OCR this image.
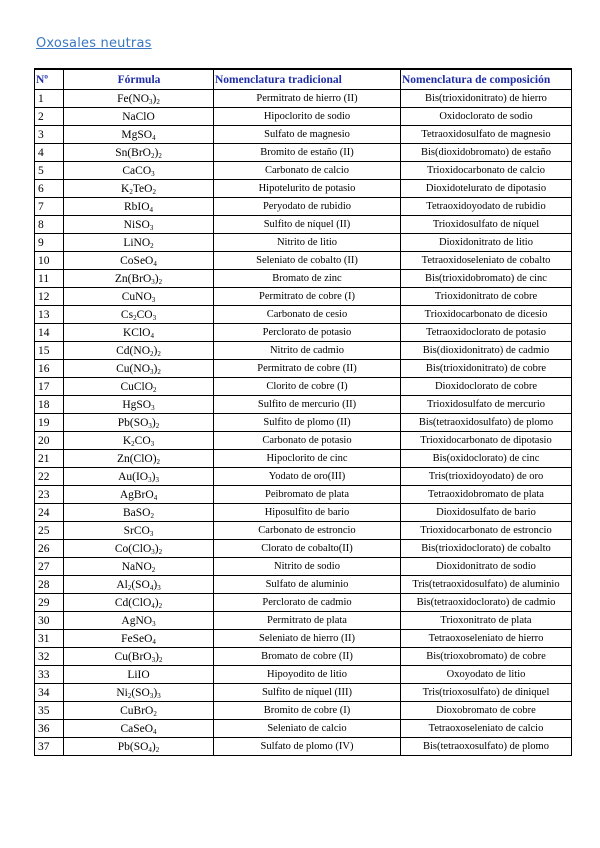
Oxosales neutras
Nº	Fórmula	Nomenclatura tradicional	Nomenclatura de composición
1	$Fe(NO_3)_2$	Permitrato de hierro (II)	Bis(trioxidonitrato) de hierro
2	NaClO	Hipoclorito de sodio	Oxidoclorato de sodio
3	MgSO$_4$	Sulfato de magnesio	Tetraoxidosulfato de magnesio
4	$Sn(BrO_2)_2$	Bromito de estaño (II)	Bis(dioxidobromato) de estaño
5	CaCO$_3$	Carbonato de calcio	Trioxidocarbonato de calcio
6	$K_2TeO_2$	Hipotelurito de potasio	Dioxidotelurato de dipotasio
7	RbIO$_4$	Peryodato de rubidio	Tetraoxidoyodato de rubidio
8	NiSO$_3$	Sulfito de níquel (II)	Trioxidosulfato de níquel
9	LiNO$_2$	Nitrito de litio	Dioxidonitrato de litio
10	CoSeO$_4$	Seleniato de cobalto (II)	Tetraoxidoseleniato de cobalto
11	$Zn(BrO_3)_2$	Bromato de zinc	Bis(trioxidobromato) de cinc
12	CuNO$_3$	Permitrato de cobre (I)	Trioxidonitrato de cobre
13	$Cs_2CO_3$	Carbonato de cesio	Trioxidocarbonato de dicesio
14	KClO$_4$	Perclorato de potasio	Tetraoxidoclorato de potasio
15	$Cd(NO_2)_2$	Nitrito de cadmio	Bis(dioxidonitrato) de cadmio
16	$Cu(NO_3)_2$	Permitrato de cobre (II)	Bis(trioxidonitrato) de cobre
17	CuClO$_2$	Clorito de cobre (I)	Dioxidoclorato de cobre
18	HgSO$_3$	Sulfito de mercurio (II)	Trioxidosulfato de mercurio
19	$Pb(SO_3)_2$	Sulfito de plomo (II)	Bis(tetraoxidosulfato) de plomo
20	$K_2CO_3$	Carbonato de potasio	Trioxidocarbonato de dipotasio
21	$Zn(ClO)_2$	Hipoclorito de cinc	Bis(oxidoclorato) de cinc
22	$Au(IO_3)_3$	Yodato de oro(III)	Tris(trioxidoyodato) de oro
23	AgBrO$_4$	Peibromato de plata	Tetraoxidobromato de plata
24	BaSO$_2$	Hiposulfito de bario	Dioxidosulfato de bario
25	SrCO$_3$	Carbonato de estroncio	Trioxidocarbonato de estroncio
26	$Co(ClO_3)_2$	Clorato de cobalto(II)	Bis(trioxidoclorato) de cobalto
27	NaNO$_2$	Nitrito de sodio	Dioxidonitrato de sodio
28	$Al_2(SO_4)_3$	Sulfato de aluminio	Tris(tetraoxidosulfato) de aluminio
29	$Cd(ClO_4)_2$	Perclorato de cadmio	Bis(tetraoxidoclorato) de cadmio
30	AgNO$_3$	Permitrato de plata	Trioxonitrato de plata
31	FeSeO$_4$	Seleniato de hierro (II)	Tetraoxoseleniato de hierro
32	$Cu(BrO_3)_2$	Bromato de cobre (II)	Bis(trioxobromato) de cobre
33	LiIO	Hipoyodito de litio	Oxoyodato de litio
34	$Ni_2(SO_3)_3$	Sulfito de níquel (III)	Tris(trioxosulfato) de diniquel
35	CuBrO$_2$	Bromito de cobre (I)	Dioxobromato de cobre
36	CaSeO$_4$	Seleniato de calcio	Tetraoxoseleniato de calcio
37	$Pb(SO_4)_2$	Sulfato de plomo (IV)	Bis(tetraoxosulfato) de plomo
